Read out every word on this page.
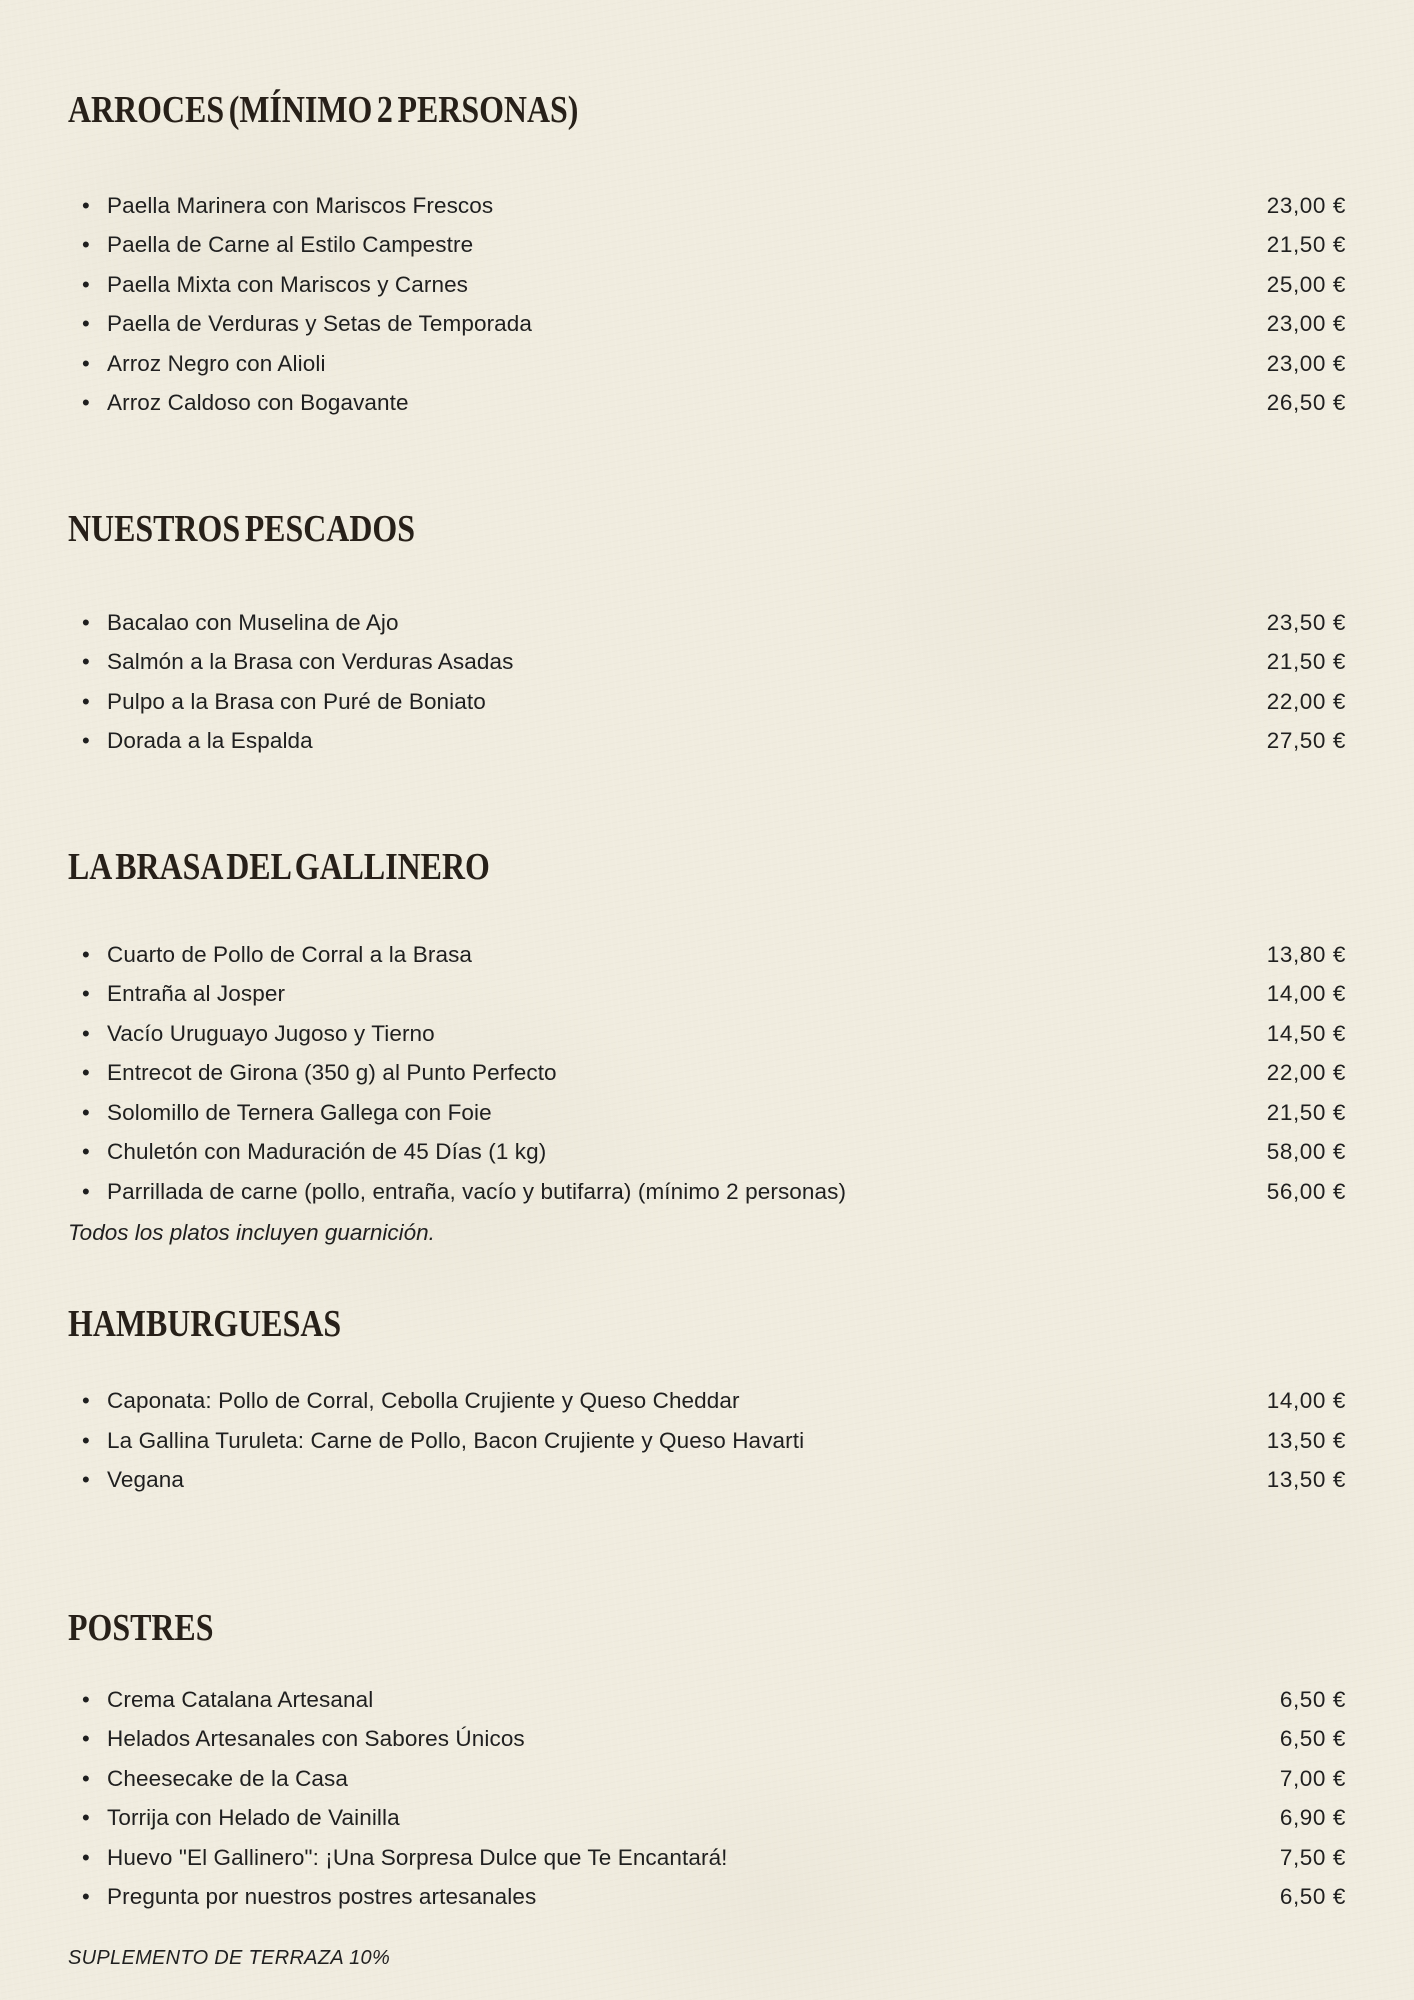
ARROCES (MÍNIMO 2 PERSONAS)
• Paella Marinera con Mariscos Frescos	23,00 €
• Paella de Carne al Estilo Campestre	21,50 €
• Paella Mixta con Mariscos y Carnes	25,00 €
• Paella de Verduras y Setas de Temporada	23,00 €
• Arroz Negro con Alioli	23,00 €
• Arroz Caldoso con Bogavante	26,50 €
NUESTROS PESCADOS
• Bacalao con Muselina de Ajo	23,50 €
• Salmón a la Brasa con Verduras Asadas	21,50 €
• Pulpo a la Brasa con Puré de Boniato	22,00 €
• Dorada a la Espalda	27,50 €
LA BRASA DEL GALLINERO
• Cuarto de Pollo de Corral a la Brasa	13,80 €
• Entraña al Josper	14,00 €
• Vacío Uruguayo Jugoso y Tierno	14,50 €
• Entrecot de Girona (350 g) al Punto Perfecto	22,00 €
• Solomillo de Ternera Gallega con Foie	21,50 €
• Chuletón con Maduración de 45 Días (1 kg)	58,00 €
• Parrillada de carne (pollo, entraña, vacío y butifarra) (mínimo 2 personas)	56,00 €

Todos los platos incluyen guarnición.

HAMBURGUESAS
• Caponata: Pollo de Corral, Cebolla Crujiente y Queso Cheddar	14,00 €
• La Gallina Turuleta: Carne de Pollo, Bacon Crujiente y Queso Havarti	13,50 €
• Vegana	13,50 €
POSTRES
• Crema Catalana Artesanal	6,50 €
• Helados Artesanales con Sabores Únicos	6,50 €
• Cheesecake de la Casa	7,00 €
• Torrija con Helado de Vainilla	6,90 €
• Huevo "El Gallinero": ¡Una Sorpresa Dulce que Te Encantará!	7,50 €
• Pregunta por nuestros postres artesanales	6,50 €

SUPLEMENTO DE TERRAZA 10%
